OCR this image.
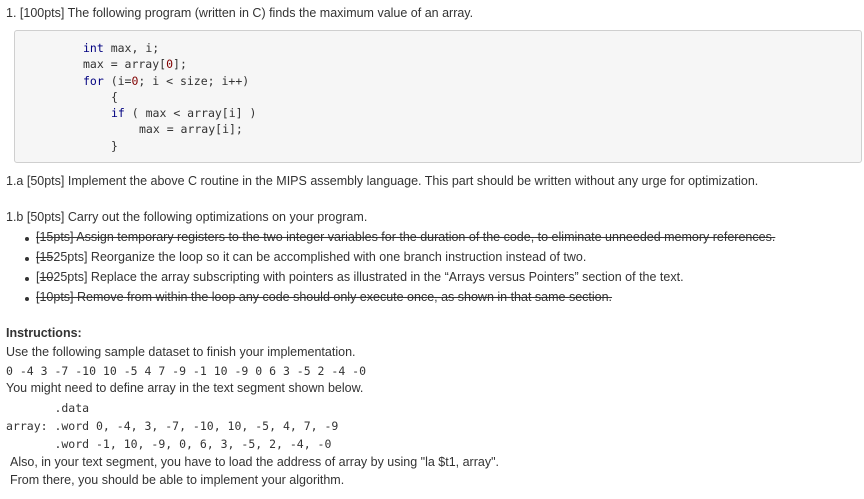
1. [100pts] The following program (written in C) finds the maximum value of an array.
int max, i;
max = array[0];
for (i=0; i < size; i++)
{
if ( max < array[i] )
max = array[i];
}
1.a [50pts] Implement the above C routine in the MIPS assembly language. This part should be written without any urge for optimization.
1.b [50pts] Carry out the following optimizations on your program.
[15pts] Assign temporary registers to the two integer variables for the duration of the code, to eliminate unneeded memory references.
[1525pts] Reorganize the loop so it can be accomplished with one branch instruction instead of two.
[1025pts] Replace the array subscripting with pointers as illustrated in the “Arrays versus Pointers” section of the text.
[10pts] Remove from within the loop any code should only execute once, as shown in that same section.
Instructions:
Use the following sample dataset to finish your implementation.
0 -4 3 -7 -10 10 -5 4 7 -9 -1 10 -9 0 6 3 -5 2 -4 -0
You might need to define array in the text segment shown below.
.data
array: .word 0, -4, 3, -7, -10, 10, -5, 4, 7, -9
.word -1, 10, -9, 0, 6, 3, -5, 2, -4, -0
Also, in your text segment, you have to load the address of array by using "la $t1, array".
From there, you should be able to implement your algorithm.
